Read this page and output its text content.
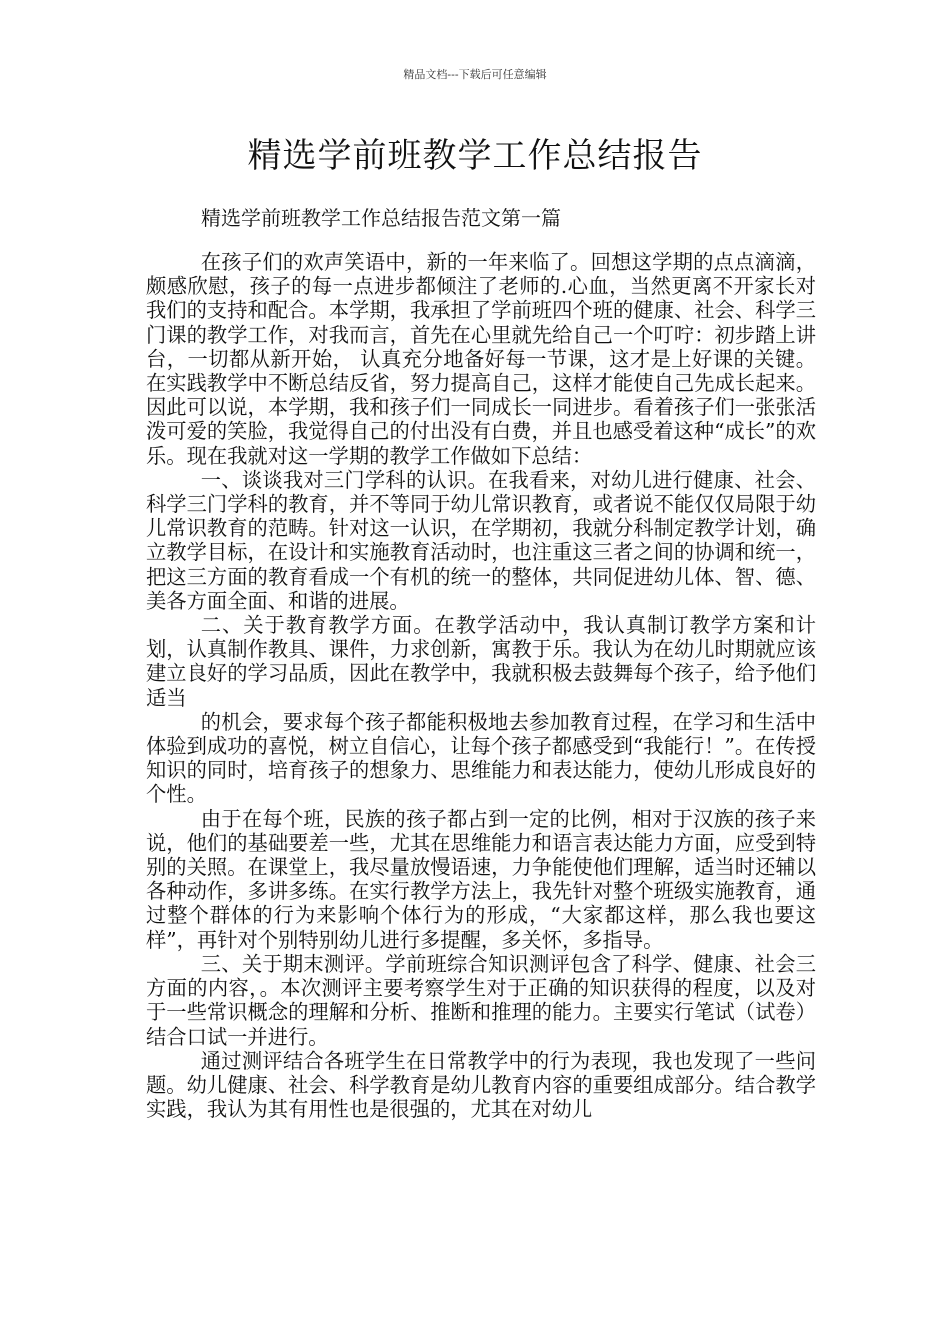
精品文档---下载后可任意编辑
精选学前班教学工作总结报告
精选学前班教学工作总结报告范文第一篇

在孩子们的欢声笑语中，新的一年来临了。回想这学期的点点滴滴，颇感欣慰，孩子的每一点进步都倾注了老师的.心血，当然更离不开家长对我们的支持和配合。本学期，我承担了学前班四个班的健康、社会、科学三门课的教学工作，对我而言，首先在心里就先给自己一个叮咛：初步踏上讲台，一切都从新开始， 认真充分地备好每一节课，这才是上好课的关键。在实践教学中不断总结反省，努力提高自己，这样才能使自己先成长起来。因此可以说，本学期，我和孩子们一同成长一同进步。看着孩子们一张张活泼可爱的笑脸，我觉得自己的付出没有白费，并且也感受着这种“成长”的欢乐。现在我就对这一学期的教学工作做如下总结：

一、谈谈我对三门学科的认识。在我看来，对幼儿进行健康、社会、科学三门学科的教育，并不等同于幼儿常识教育，或者说不能仅仅局限于幼儿常识教育的范畴。针对这一认识，在学期初，我就分科制定教学计划，确立教学目标，在设计和实施教育活动时，也注重这三者之间的协调和统一，把这三方面的教育看成一个有机的统一的整体，共同促进幼儿体、智、德、美各方面全面、和谐的进展。

二、关于教育教学方面。在教学活动中，我认真制订教学方案和计划，认真制作教具、课件，力求创新，寓教于乐。我认为在幼儿时期就应该建立良好的学习品质，因此在教学中，我就积极去鼓舞每个孩子，给予他们适当

的机会，要求每个孩子都能积极地去参加教育过程，在学习和生活中体验到成功的喜悦，树立自信心，让每个孩子都感受到“我能行！”。在传授知识的同时，培育孩子的想象力、思维能力和表达能力，使幼儿形成良好的个性。

由于在每个班，民族的孩子都占到一定的比例，相对于汉族的孩子来说，他们的基础要差一些，尤其在思维能力和语言表达能力方面，应受到特别的关照。在课堂上，我尽量放慢语速，力争能使他们理解，适当时还辅以各种动作，多讲多练。在实行教学方法上，我先针对整个班级实施教育，通过整个群体的行为来影响个体行为的形成，“大家都这样，那么我也要这样”，再针对个别特别幼儿进行多提醒，多关怀，多指导。

三、关于期末测评。学前班综合知识测评包含了科学、健康、社会三方面的内容，。本次测评主要考察学生对于正确的知识获得的程度，以及对于一些常识概念的理解和分析、推断和推理的能力。主要实行笔试（试卷）结合口试一并进行。

通过测评结合各班学生在日常教学中的行为表现，我也发现了一些问题。幼儿健康、社会、科学教育是幼儿教育内容的重要组成部分。结合教学实践，我认为其有用性也是很强的，尤其在对幼儿
